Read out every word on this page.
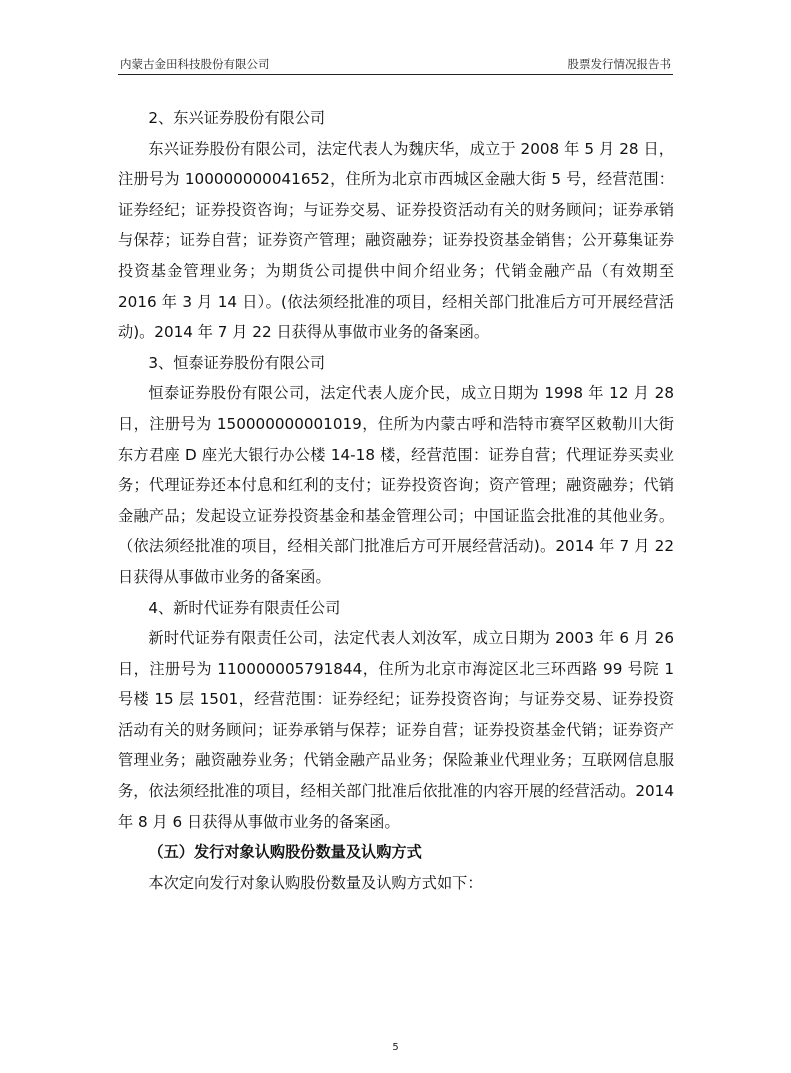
内蒙古金田科技股份有限公司	股票发行情况报告书

2、东兴证券股份有限公司

东兴证券股份有限公司，法定代表人为魏庆华，成立于 2008 年 5 月 28 日，注册号为 100000000041652，住所为北京市西城区金融大街 5 号，经营范围：证券经纪；证券投资咨询；与证券交易、证券投资活动有关的财务顾问；证券承销与保荐；证券自营；证券资产管理；融资融券；证券投资基金销售；公开募集证券投资基金管理业务；为期货公司提供中间介绍业务；代销金融产品（有效期至 2016 年 3 月 14 日）。(依法须经批准的项目，经相关部门批准后方可开展经营活动)。2014 年 7 月 22 日获得从事做市业务的备案函。

3、恒泰证券股份有限公司

恒泰证券股份有限公司，法定代表人庞介民，成立日期为 1998 年 12 月 28 日，注册号为 150000000001019，住所为内蒙古呼和浩特市赛罕区敕勒川大街东方君座 D 座光大银行办公楼 14-18 楼，经营范围：证券自营；代理证券买卖业务；代理证券还本付息和红利的支付；证券投资咨询；资产管理；融资融券；代销金融产品；发起设立证券投资基金和基金管理公司；中国证监会批准的其他业务。（依法须经批准的项目，经相关部门批准后方可开展经营活动)。2014 年 7 月 22 日获得从事做市业务的备案函。

4、新时代证券有限责任公司

新时代证券有限责任公司，法定代表人刘汝军，成立日期为 2003 年 6 月 26 日，注册号为 110000005791844，住所为北京市海淀区北三环西路 99 号院 1 号楼 15 层 1501，经营范围：证券经纪；证券投资咨询；与证券交易、证券投资活动有关的财务顾问；证券承销与保荐；证券自营；证券投资基金代销；证券资产管理业务；融资融券业务；代销金融产品业务；保险兼业代理业务；互联网信息服务，依法须经批准的项目，经相关部门批准后依批准的内容开展的经营活动。2014 年 8 月 6 日获得从事做市业务的备案函。

（五）发行对象认购股份数量及认购方式

本次定向发行对象认购股份数量及认购方式如下：

5
